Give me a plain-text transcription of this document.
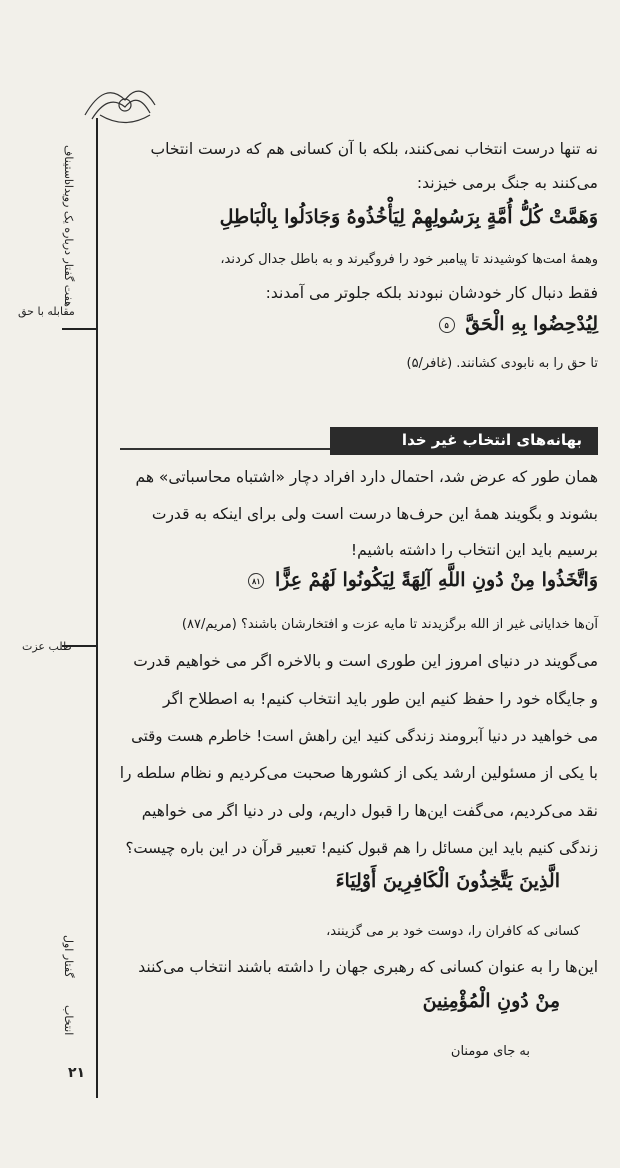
استیناف
هفت گفتار درباره یک رویداد
مقابله با حق
طلب عزت
گفتار اول
انتخاب
۲۱
نه تنها درست انتخاب نمی‌کنند، بلکه با آن کسانی هم که درست انتخاب
می‌کنند به جنگ برمی خیزند:
وَهَمَّتْ كُلُّ أُمَّةٍ بِرَسُولِهِمْ لِيَأْخُذُوهُ وَجَادَلُوا بِالْبَاطِلِ
وهمهٔ امت‌ها کوشیدند تا پیامبر خود را فروگیرند و به باطل جدال کردند،
فقط دنبال کار خودشان نبودند بلکه جلوتر می آمدند:
لِيُدْحِضُوا بِهِ الْحَقَّ ۵
تا حق را به نابودی کشانند. (غافر/۵)
بهانه‌های انتخاب غیر خدا
همان طور که عرض شد، احتمال دارد افراد دچار «اشتباه محاسباتی» هم
بشوند و بگویند همهٔ این حرف‌ها درست است ولی برای اینکه به قدرت
برسیم باید این انتخاب را داشته باشیم!
وَاتَّخَذُوا مِنْ دُونِ اللَّهِ آلِهَةً لِيَكُونُوا لَهُمْ عِزًّا ۸۱
آن‌ها خدایانی غیر از الله برگزیدند تا مایه عزت و افتخارشان باشند؟ (مریم/۸۷)
می‌گویند در دنیای امروز این طوری است و بالاخره اگر می خواهیم قدرت
و جایگاه خود را حفظ کنیم این طور باید انتخاب کنیم! به اصطلاح اگر
می خواهید در دنیا آبرومند زندگی کنید این راهش است! خاطرم هست وقتی
با یکی از مسئولین ارشد یکی از کشورها صحبت می‌کردیم و نظام سلطه را
نقد می‌کردیم، می‌گفت این‌ها را قبول داریم، ولی در دنیا اگر می خواهیم
زندگی کنیم باید این مسائل را هم قبول کنیم! تعبیر قرآن در این باره چیست؟
الَّذِينَ يَتَّخِذُونَ الْكَافِرِينَ أَوْلِيَاءَ
کسانی که کافران را، دوست خود بر می گزینند،
این‌ها را به عنوان کسانی که رهبری جهان را داشته باشند انتخاب می‌کنند
مِنْ دُونِ الْمُؤْمِنِينَ
به جای مومنان
